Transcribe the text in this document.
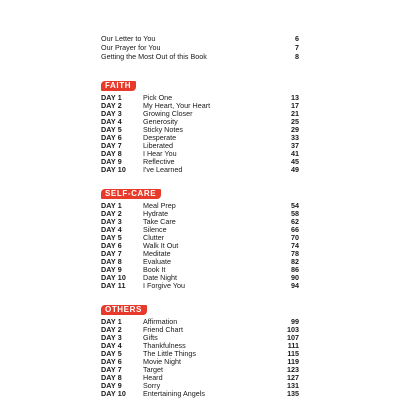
Our Letter to You	6
Our Prayer for You	7
Getting the Most Out of this Book	8
FAITH
DAY 1	Pick One	13
DAY 2	My Heart, Your Heart	17
DAY 3	Growing Closer	21
DAY 4	Generosity	25
DAY 5	Sticky Notes	29
DAY 6	Desperate	33
DAY 7	Liberated	37
DAY 8	I Hear You	41
DAY 9	Reflective	45
DAY 10	I've Learned	49
SELF-CARE
DAY 1	Meal Prep	54
DAY 2	Hydrate	58
DAY 3	Take Care	62
DAY 4	Silence	66
DAY 5	Clutter	70
DAY 6	Walk It Out	74
DAY 7	Meditate	78
DAY 8	Evaluate	82
DAY 9	Book It	86
DAY 10	Date Night	90
DAY 11	I Forgive You	94
OTHERS
DAY 1	Affirmation	99
DAY 2	Friend Chart	103
DAY 3	Gifts	107
DAY 4	Thankfulness	111
DAY 5	The Little Things	115
DAY 6	Movie Night	119
DAY 7	Target	123
DAY 8	Heard	127
DAY 9	Sorry	131
DAY 10	Entertaining Angels	135
